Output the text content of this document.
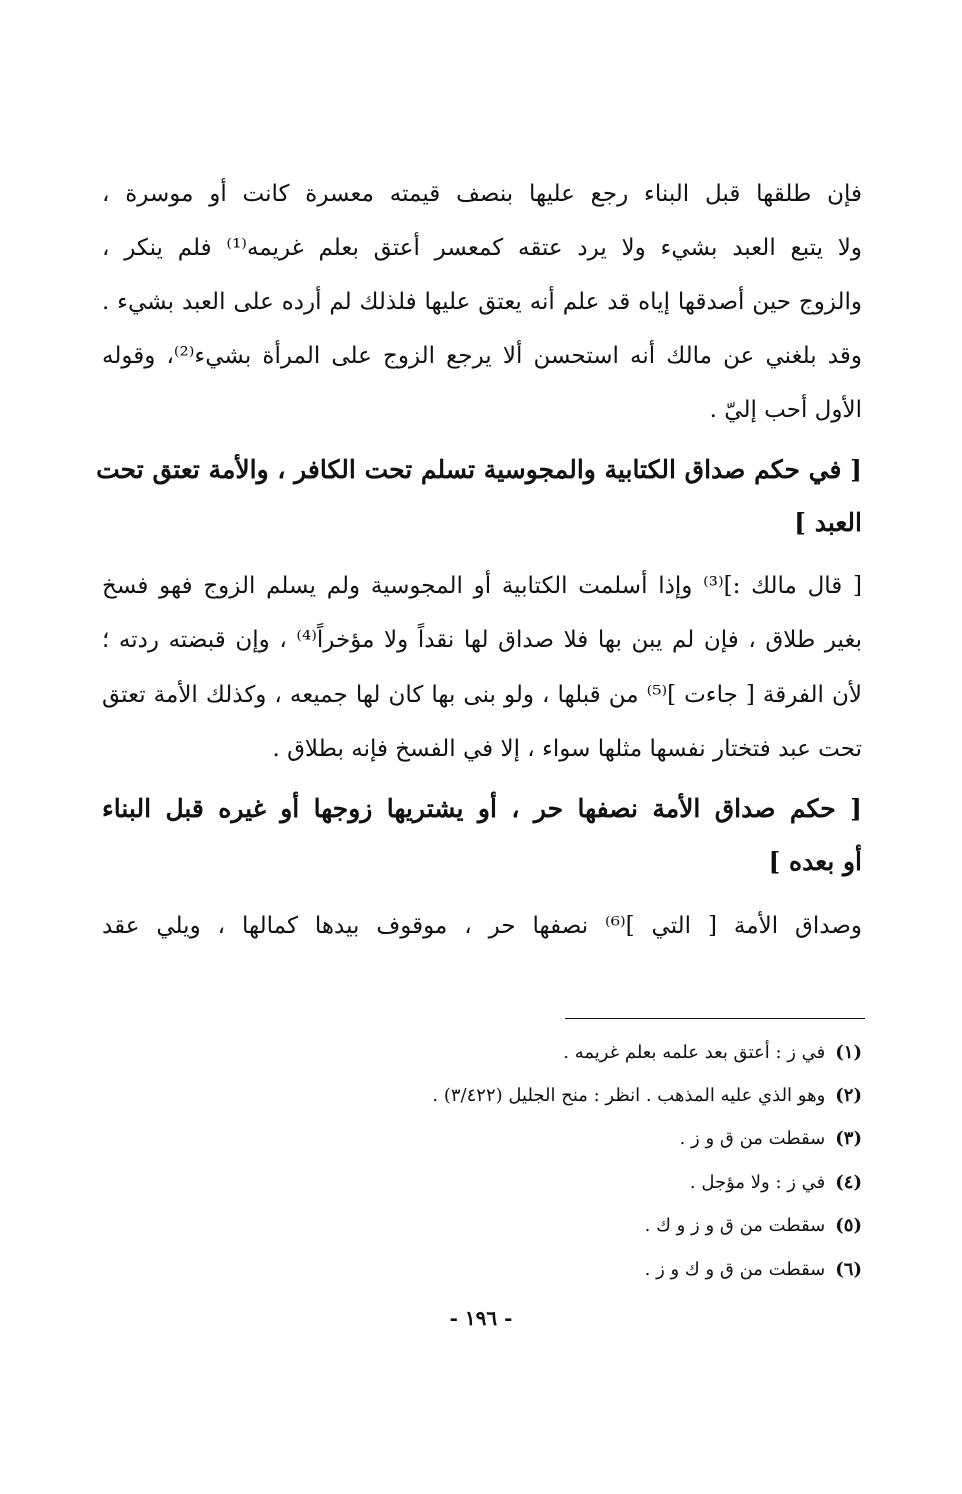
فإن طلقها قبل البناء رجع عليها بنصف قيمته معسرة كانت أو موسرة ،
ولا يتبع العبد بشيء ولا يرد عتقه كمعسر أعتق بعلم غريمه⁽¹⁾ فلم ينكر ،
والزوج حين أصدقها إياه قد علم أنه يعتق عليها فلذلك لم أرده على العبد بشيء .
وقد بلغني عن مالك أنه استحسن ألا يرجع الزوج على المرأة بشيء⁽²⁾، وقوله
الأول أحب إليّ .
[ في حكم صداق الكتابية والمجوسية تسلم تحت الكافر ، والأمة تعتق تحت
العبد ]
[ قال مالك :]⁽³⁾ وإذا أسلمت الكتابية أو المجوسية ولم يسلم الزوج فهو فسخ
بغير طلاق ، فإن لم يبن بها فلا صداق لها نقداً ولا مؤخراً⁽⁴⁾ ، وإن قبضته ردته ؛
لأن الفرقة [ جاءت ]⁽⁵⁾ من قبلها ، ولو بنى بها كان لها جميعه ، وكذلك الأمة تعتق
تحت عبد فتختار نفسها مثلها سواء ، إلا في الفسخ فإنه بطلاق .
[ حكم صداق الأمة نصفها حر ، أو يشتريها زوجها أو غيره قبل البناء
أو بعده ]
وصداق الأمة [ التي ]⁽⁶⁾ نصفها حر ، موقوف بيدها كمالها ، ويلي عقد
(١)في ز : أعتق بعد علمه بعلم غريمه .
(٢)وهو الذي عليه المذهب . انظر : منح الجليل (٣/٤٢٢) .
(٣)سقطت من ق و ز .
(٤)في ز : ولا مؤجل .
(٥)سقطت من ق و ز و ك .
(٦)سقطت من ق و ك و ز .
- ١٩٦ -
